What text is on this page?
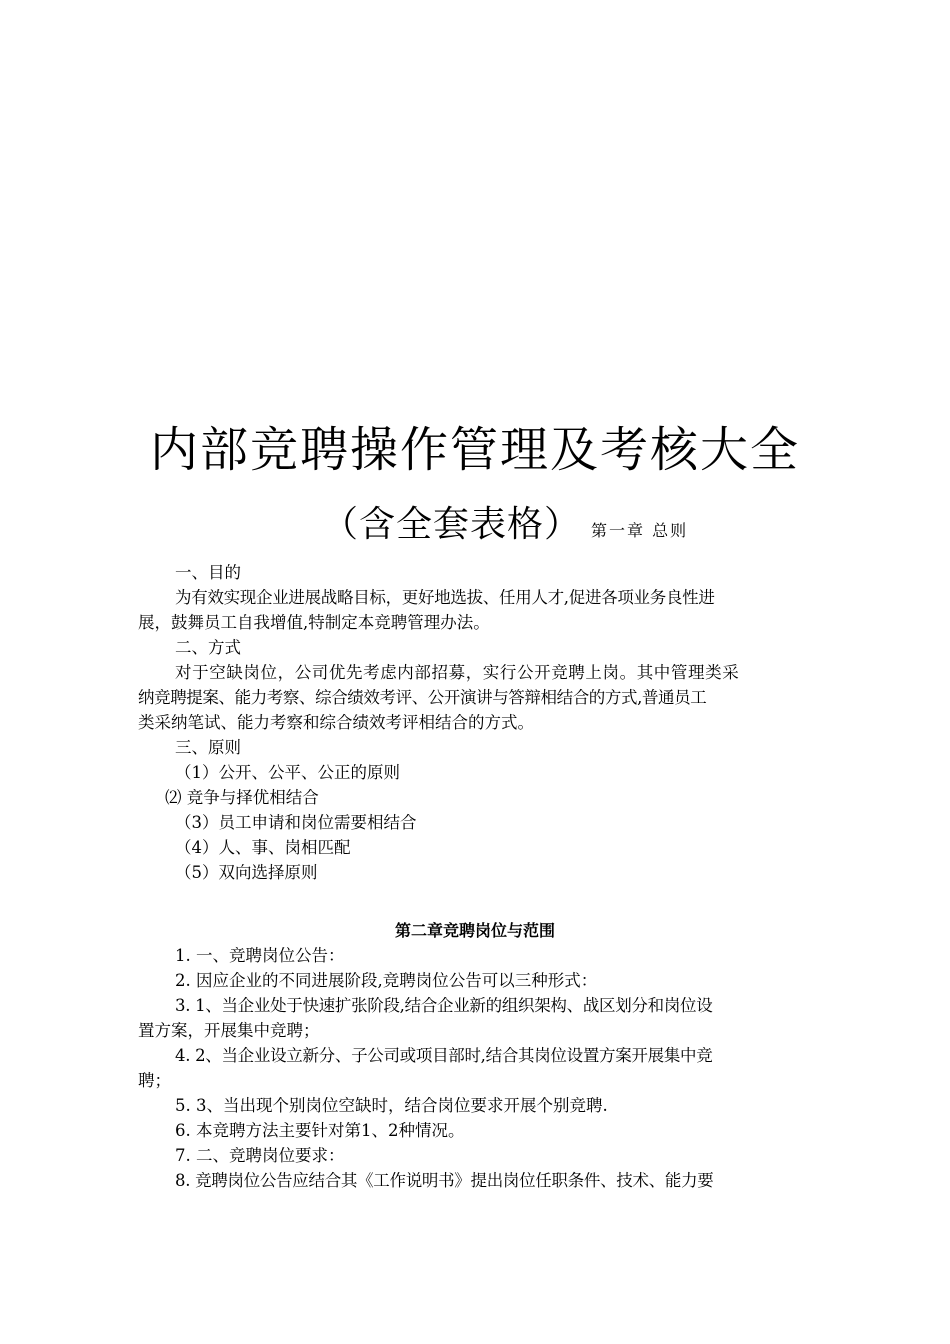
内部竞聘操作管理及考核大全
（含全套表格） 第一章 总则
一、目的
为有效实现企业进展战略目标，更好地选拔、任用人才,促进各项业务良性进
展，鼓舞员工自我增值,特制定本竞聘管理办法。
二、方式
对于空缺岗位，公司优先考虑内部招募，实行公开竞聘上岗。其中管理类采
纳竞聘提案、能力考察、综合绩效考评、公开演讲与答辩相结合的方式,普通员工
类采纳笔试、能力考察和综合绩效考评相结合的方式。
三、原则
（1）公开、公平、公正的原则
⑵ 竞争与择优相结合
（3）员工申请和岗位需要相结合
（4）人、事、岗相匹配
（5）双向选择原则
第二章竞聘岗位与范围
1. 一、竞聘岗位公告：
2. 因应企业的不同进展阶段,竞聘岗位公告可以三种形式：
3. 1、当企业处于快速扩张阶段,结合企业新的组织架构、战区划分和岗位设
置方案，开展集中竞聘；
4. 2、当企业设立新分、子公司或项目部时,结合其岗位设置方案开展集中竞
聘；
5. 3、当出现个别岗位空缺时，结合岗位要求开展个别竞聘.
6. 本竞聘方法主要针对第1、2种情况。
7. 二、竞聘岗位要求：
8. 竞聘岗位公告应结合其《工作说明书》提出岗位任职条件、技术、能力要
